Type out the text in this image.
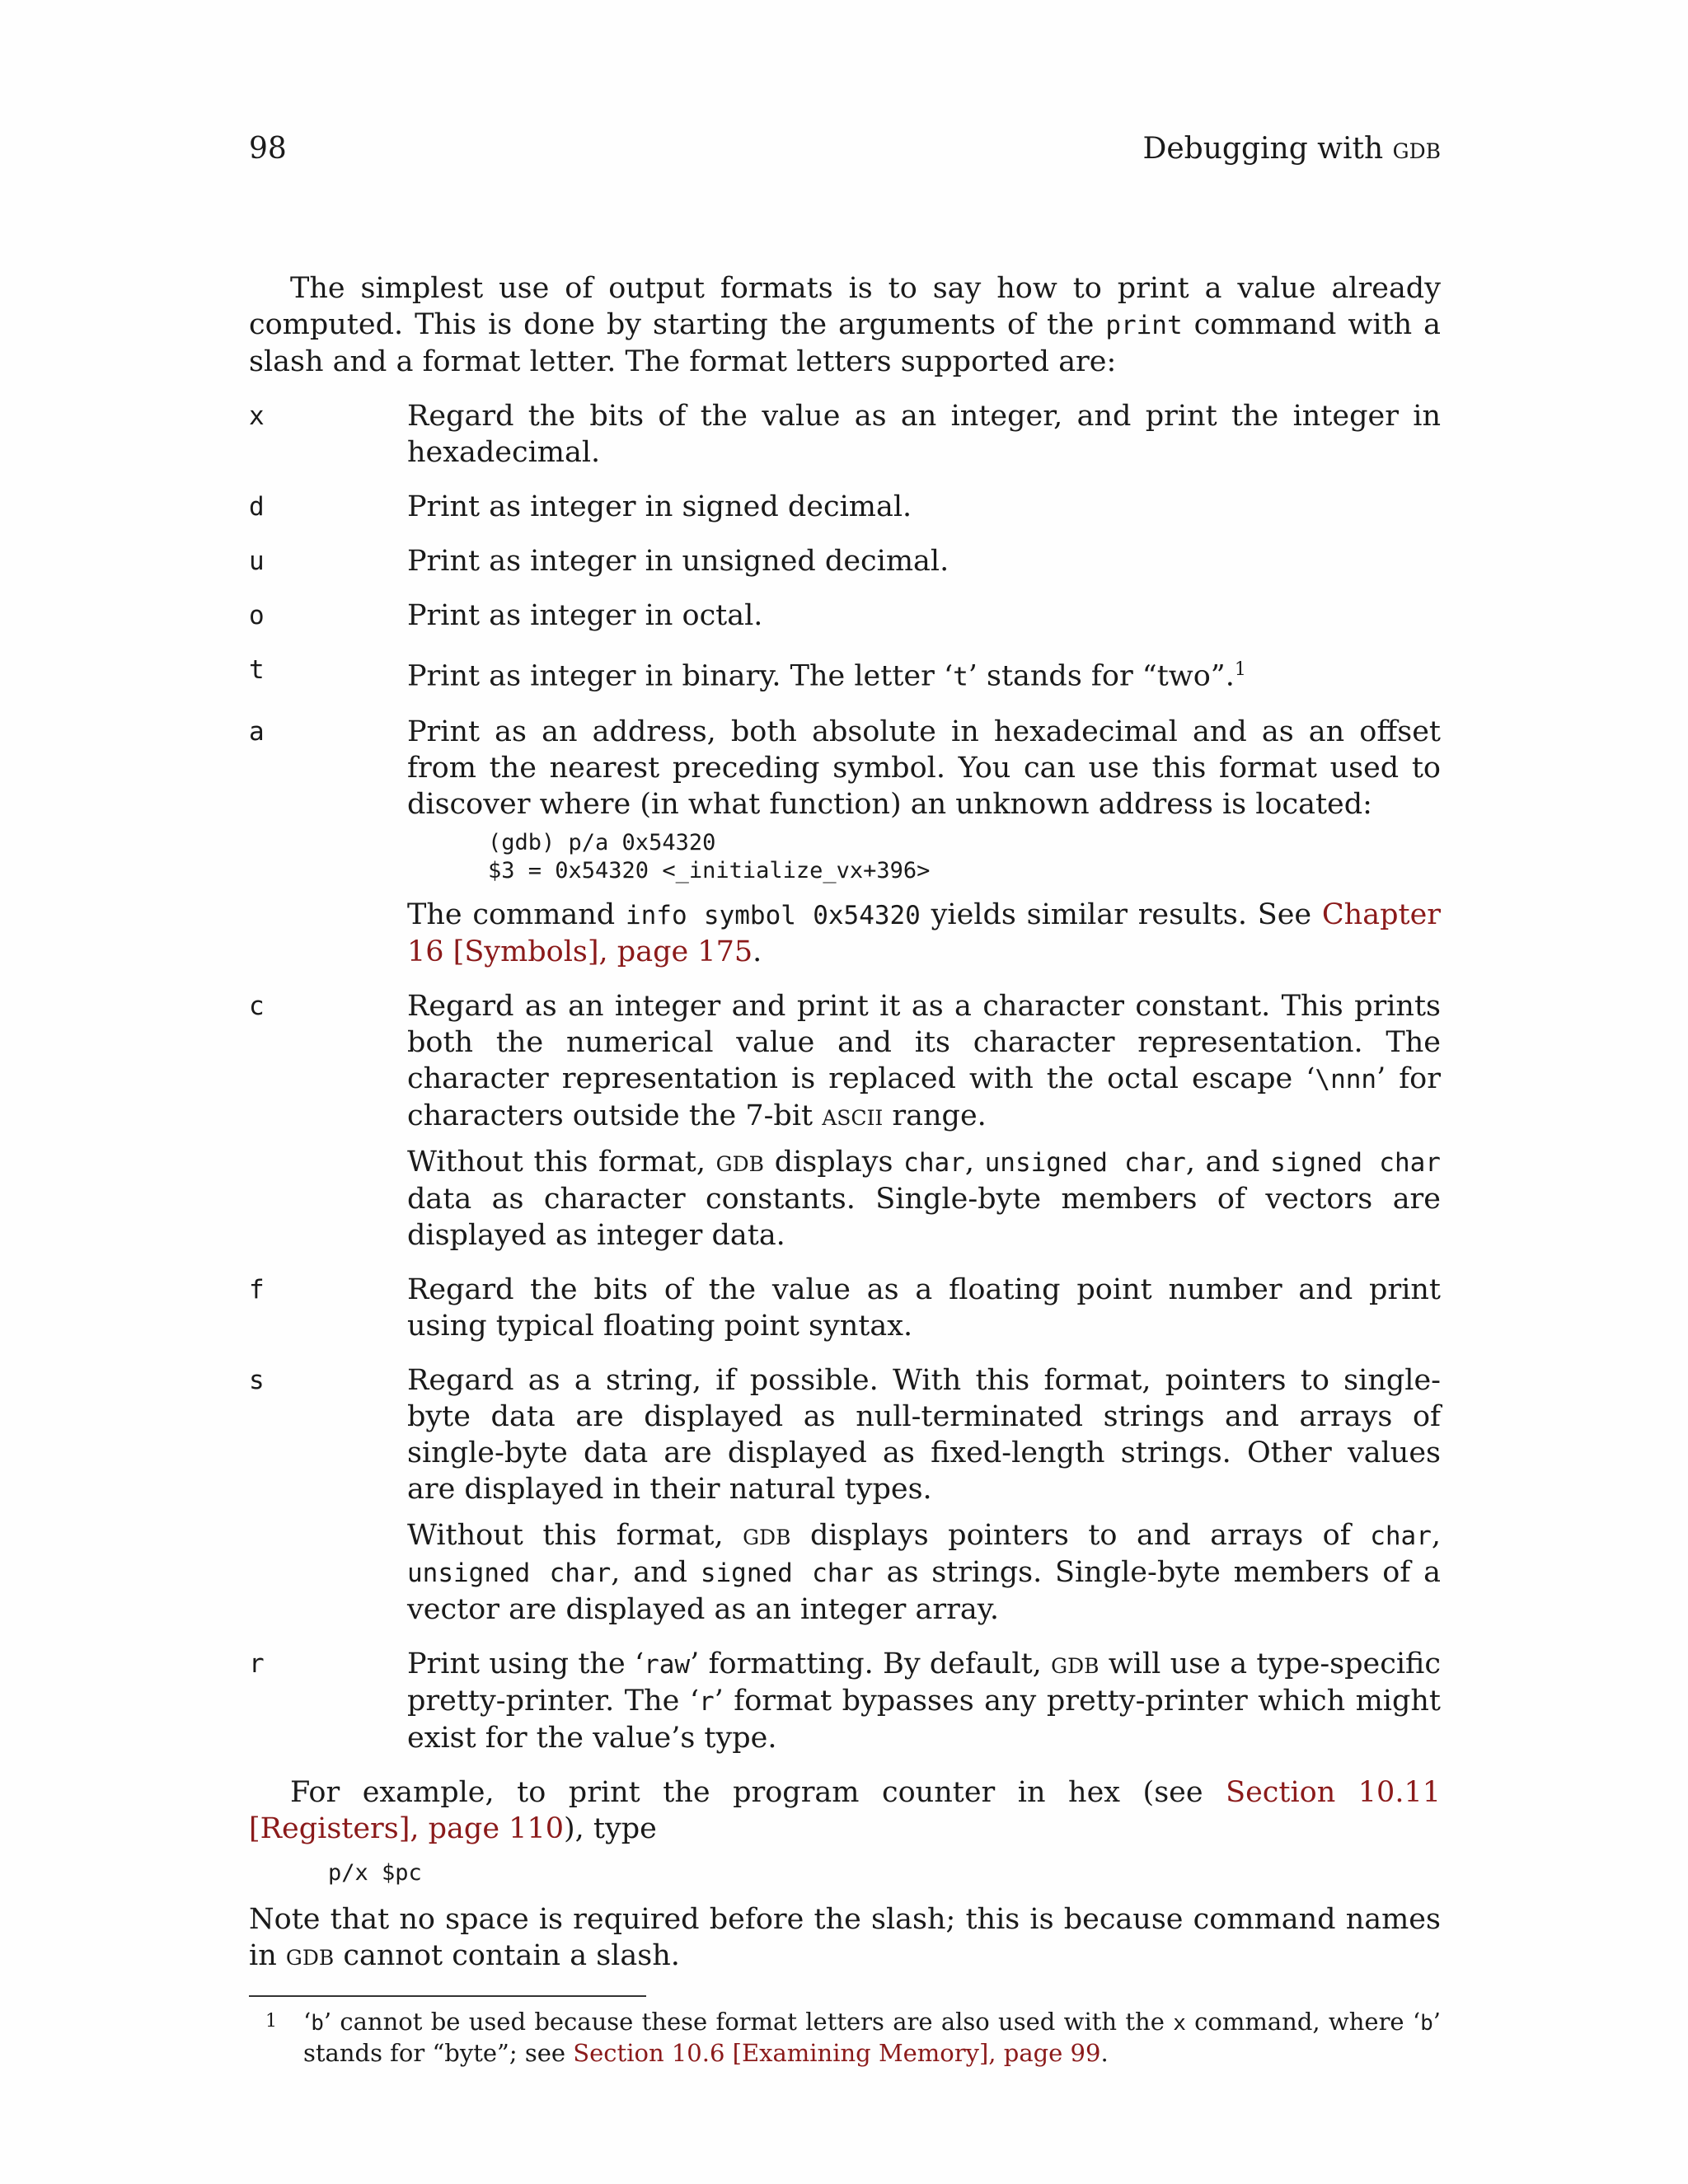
98	Debugging with gdb

The simplest use of output formats is to say how to print a value already computed. This is done by starting the arguments of the print command with a slash and a format letter. The format letters supported are:

x	Regard the bits of the value as an integer, and print the integer in hexadecimal.

d	Print as integer in signed decimal.

u	Print as integer in unsigned decimal.

o	Print as integer in octal.

t	Print as integer in binary. The letter ‘t’ stands for “two”.$^1$

a	Print as an address, both absolute in hexadecimal and as an offset from the nearest preceding symbol. You can use this format used to discover where (in what function) an unknown address is located:

(gdb) p/a 0x54320
$3 = 0x54320 <_initialize_vx+396>

The command info symbol 0x54320 yields similar results. See Chapter 16 [Symbols], page 175.

c	Regard as an integer and print it as a character constant. This prints both the numerical value and its character representation. The character representation is replaced with the octal escape ‘\nnn’ for characters outside the 7-bit ascii range.

Without this format, gdb displays char, unsigned char, and signed char data as character constants. Single-byte members of vectors are displayed as integer data.

f	Regard the bits of the value as a floating point number and print using typical floating point syntax.

s	Regard as a string, if possible. With this format, pointers to single-byte data are displayed as null-terminated strings and arrays of single-byte data are displayed as fixed-length strings. Other values are displayed in their natural types.

Without this format, gdb displays pointers to and arrays of char, unsigned char, and signed char as strings. Single-byte members of a vector are displayed as an integer array.

r	Print using the ‘raw’ formatting. By default, gdb will use a type-specific pretty-printer. The ‘r’ format bypasses any pretty-printer which might exist for the value’s type.

For example, to print the program counter in hex (see Section 10.11 [Registers], page 110), type

p/x $pc

Note that no space is required before the slash; this is because command names in gdb cannot contain a slash.

1	‘b’ cannot be used because these format letters are also used with the x command, where ‘b’ stands for “byte”; see Section 10.6 [Examining Memory], page 99.
